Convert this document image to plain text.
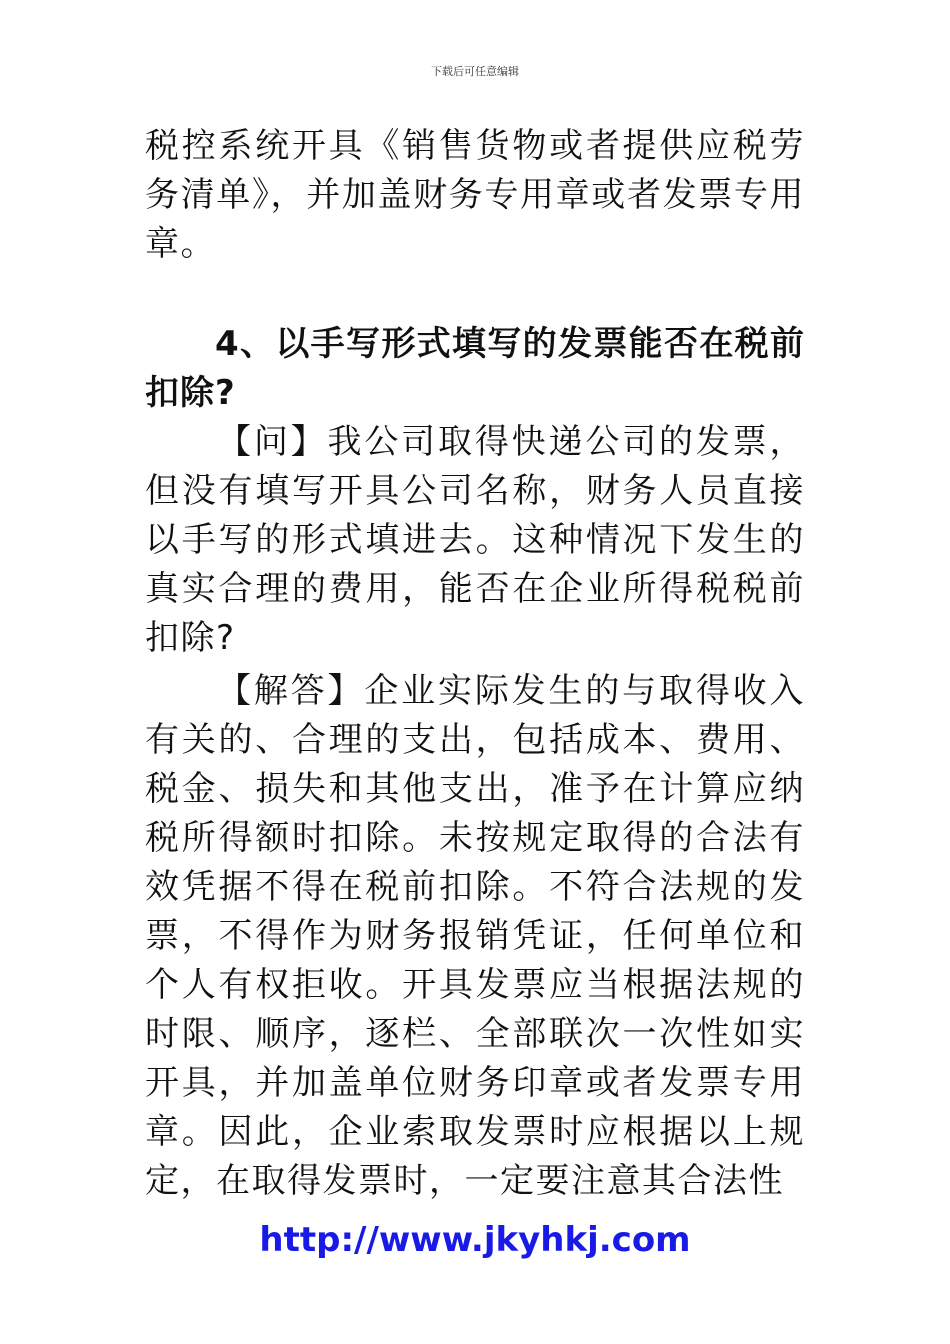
下载后可任意编辑
税控系统开具《销售货物或者提供应税劳务清单》，并加盖财务专用章或者发票专用章。
4、以手写形式填写的发票能否在税前扣除?
【问】我公司取得快递公司的发票，但没有填写开具公司名称，财务人员直接以手写的形式填进去。这种情况下发生的真实合理的费用，能否在企业所得税税前扣除?
【解答】企业实际发生的与取得收入有关的、合理的支出，包括成本、费用、税金、损失和其他支出，准予在计算应纳税所得额时扣除。未按规定取得的合法有效凭据不得在税前扣除。不符合法规的发票，不得作为财务报销凭证，任何单位和个人有权拒收。开具发票应当根据法规的时限、顺序，逐栏、全部联次一次性如实开具，并加盖单位财务印章或者发票专用章。因此，企业索取发票时应根据以上规定，在取得发票时，一定要注意其合法性
http://www.jkyhkj.com
